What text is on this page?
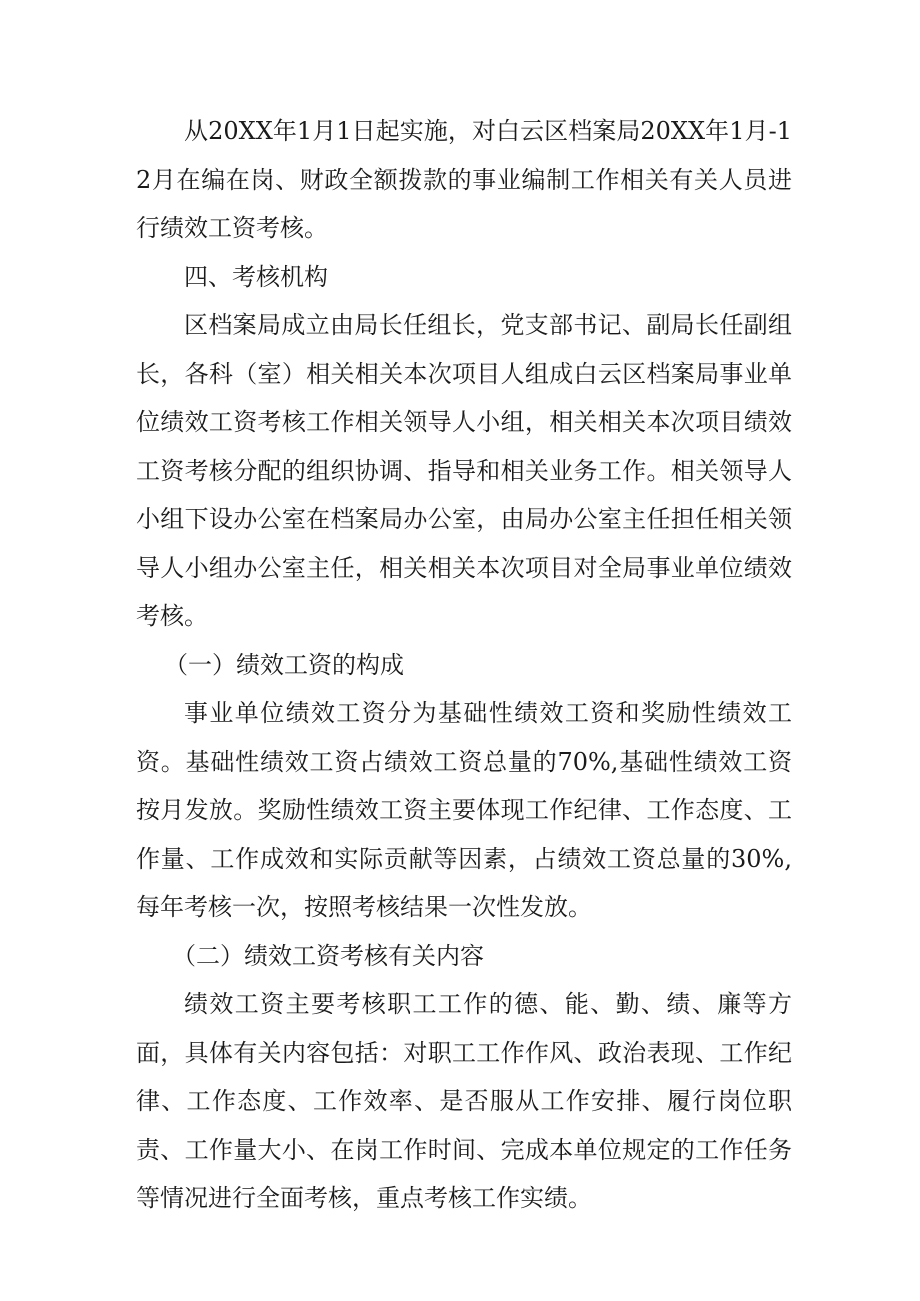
从20XX年1月1日起实施，对白云区档案局20XX年1月-12月在编在岗、财政全额拨款的事业编制工作相关有关人员进行绩效工资考核。

四、考核机构

区档案局成立由局长任组长，党支部书记、副局长任副组长，各科（室）相关相关本次项目人组成白云区档案局事业单位绩效工资考核工作相关领导人小组，相关相关本次项目绩效工资考核分配的组织协调、指导和相关业务工作。相关领导人小组下设办公室在档案局办公室，由局办公室主任担任相关领导人小组办公室主任，相关相关本次项目对全局事业单位绩效考核。

（一）绩效工资的构成

事业单位绩效工资分为基础性绩效工资和奖励性绩效工资。基础性绩效工资占绩效工资总量的70%,基础性绩效工资按月发放。奖励性绩效工资主要体现工作纪律、工作态度、工作量、工作成效和实际贡献等因素，占绩效工资总量的30%,每年考核一次，按照考核结果一次性发放。

（二）绩效工资考核有关内容

绩效工资主要考核职工工作的德、能、勤、绩、廉等方面，具体有关内容包括：对职工工作作风、政治表现、工作纪律、工作态度、工作效率、是否服从工作安排、履行岗位职责、工作量大小、在岗工作时间、完成本单位规定的工作任务等情况进行全面考核，重点考核工作实绩。
